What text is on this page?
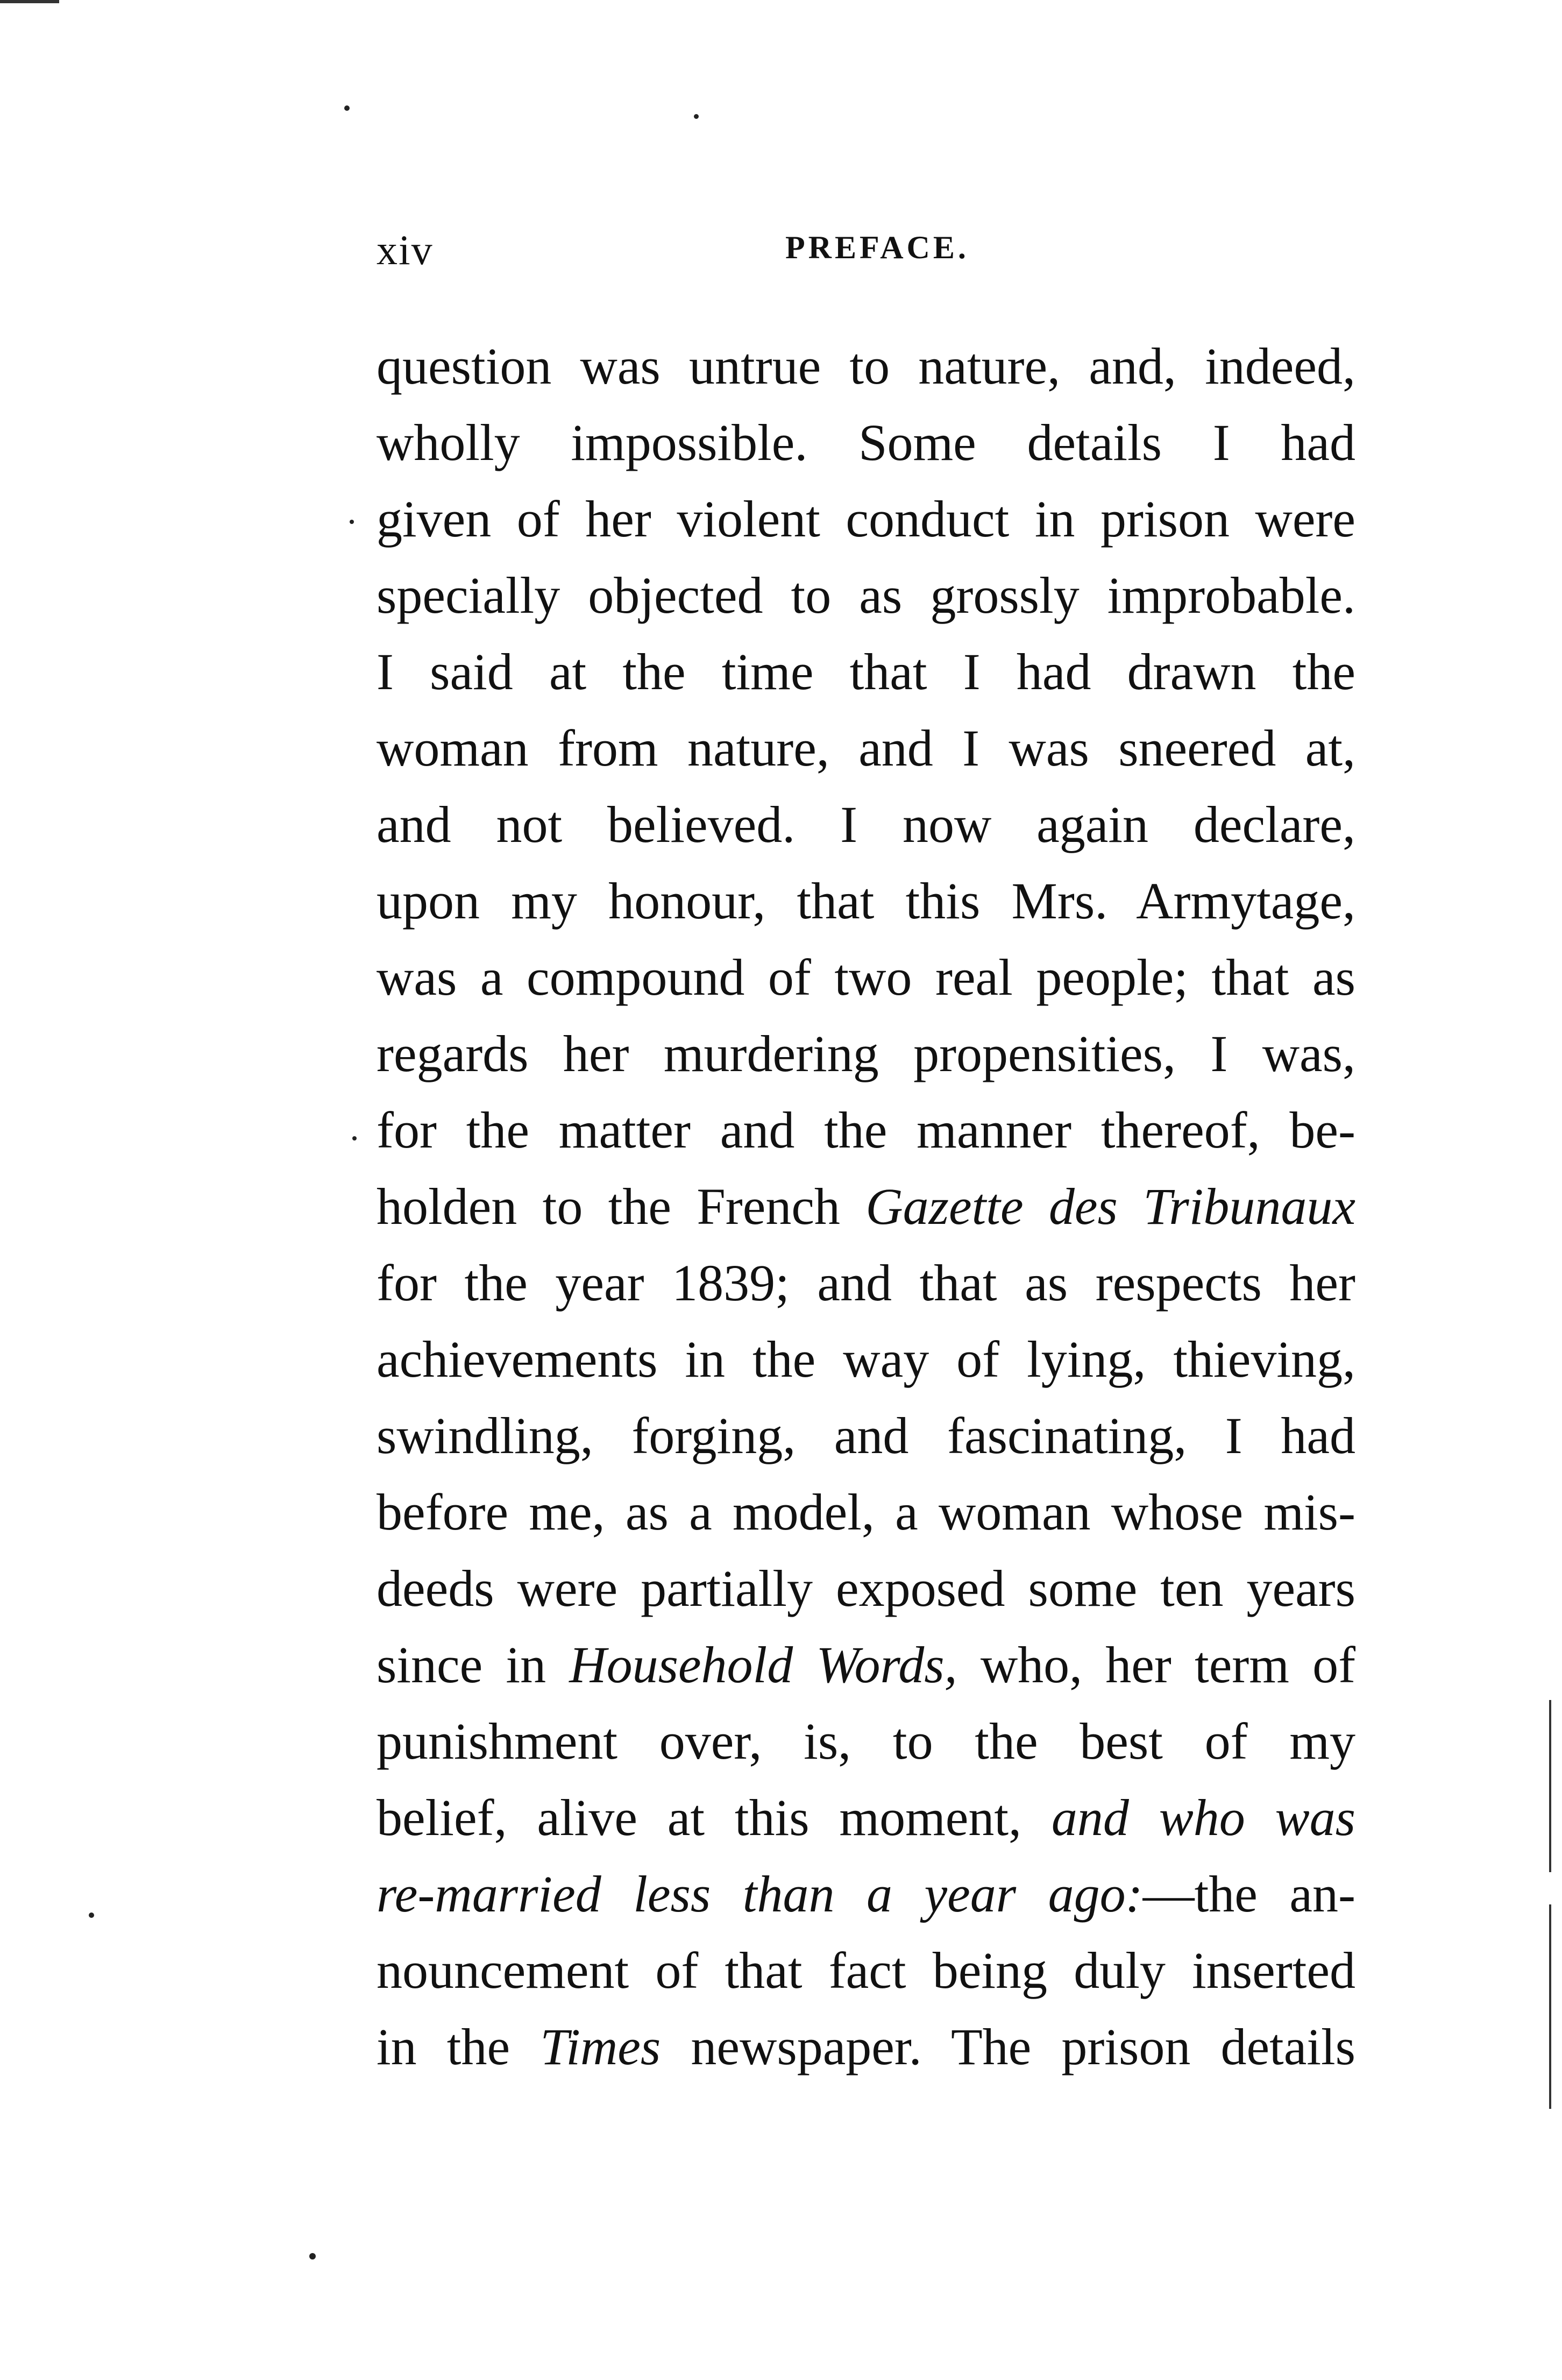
xiv	PREFACE.
question was untrue to nature, and, indeed,
wholly impossible. Some details I had
given of her violent conduct in prison were
specially objected to as grossly improbable.
I said at the time that I had drawn the
woman from nature, and I was sneered at,
and not believed. I now again declare,
upon my honour, that this Mrs. Armytage,
was a compound of two real people; that as
regards her murdering propensities, I was,
for the matter and the manner thereof, be-
holden to the French Gazette des Tribunaux
for the year 1839; and that as respects her
achievements in the way of lying, thieving,
swindling, forging, and fascinating, I had
before me, as a model, a woman whose mis-
deeds were partially exposed some ten years
since in Household Words, who, her term of
punishment over, is, to the best of my
belief, alive at this moment, and who was
re-married less than a year ago:—the an-
nouncement of that fact being duly inserted
in the Times newspaper. The prison details
